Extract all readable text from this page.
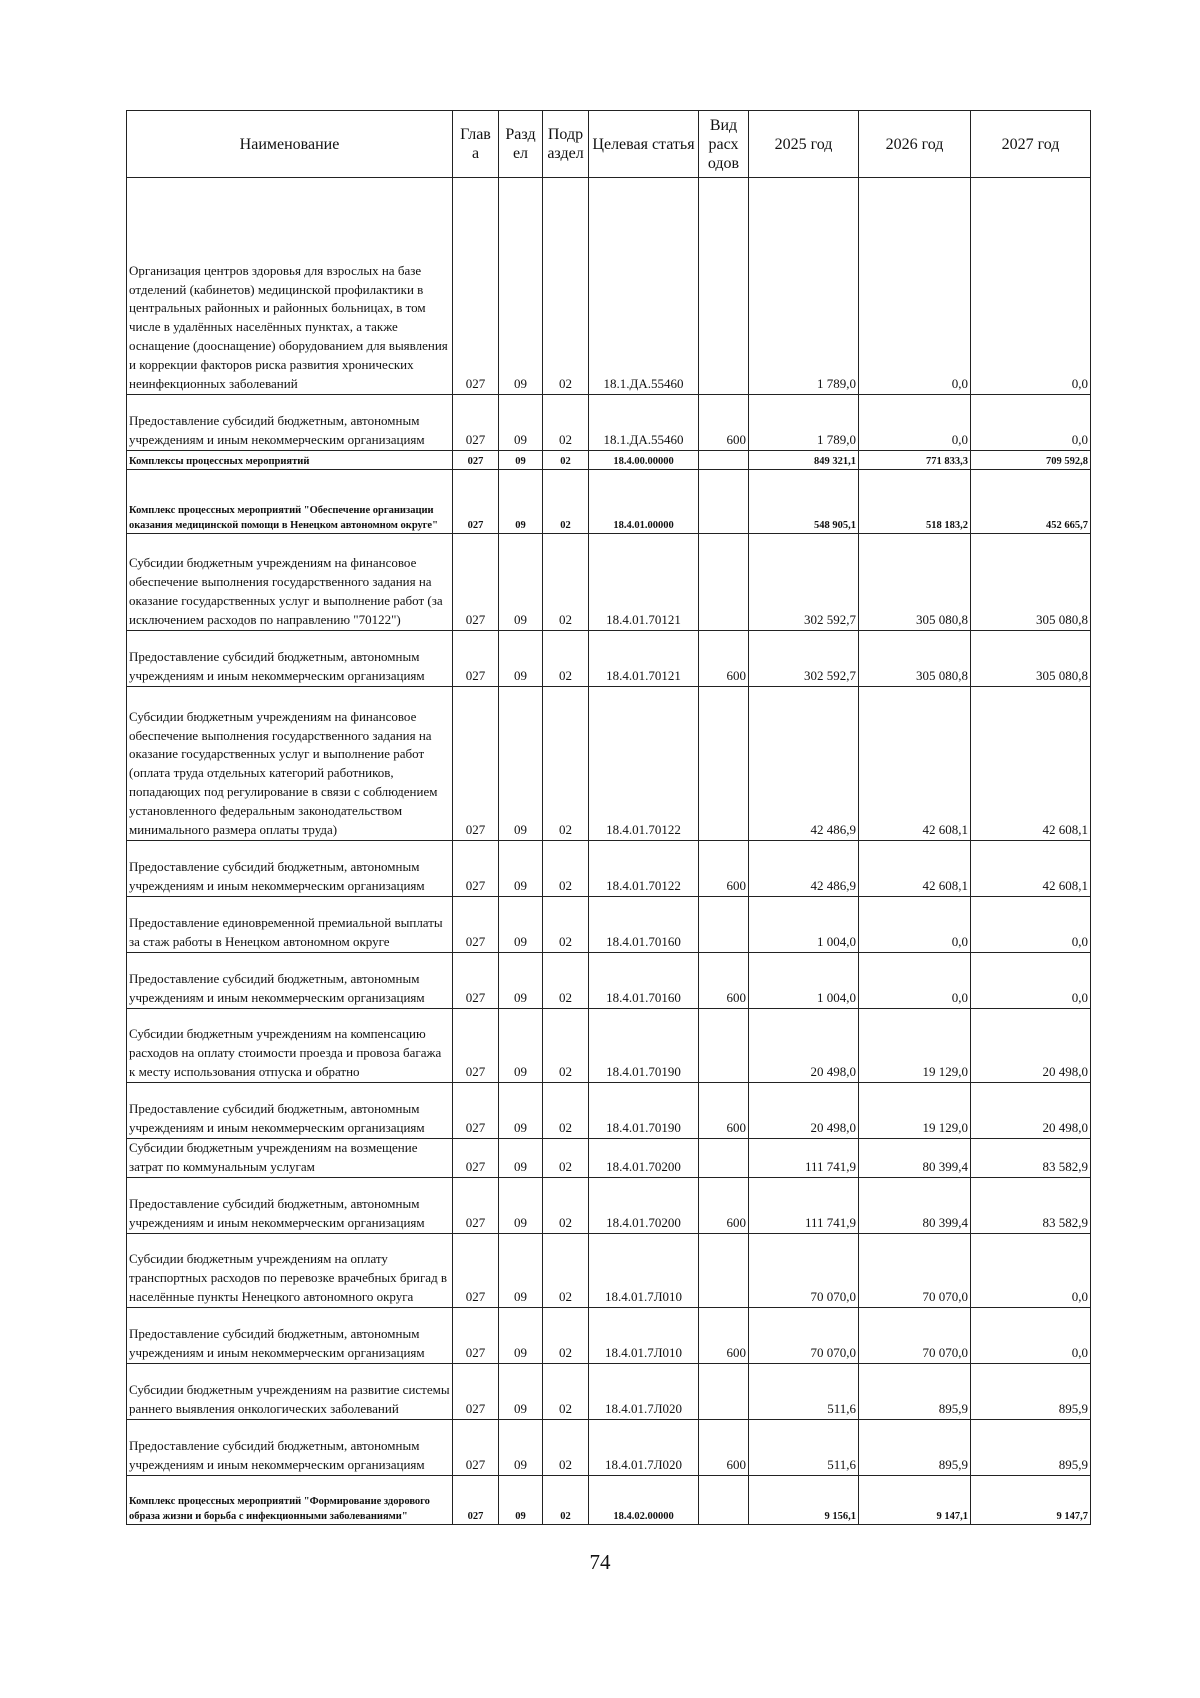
Наименование	Глав а	Разд ел	Подр аздел	Целевая статья	Вид расх одов	2025 год	2026 год	2027 год
Организация центров здоровья для взрослых на базе отделений (кабинетов) медицинской профилактики в центральных районных и районных больницах, в том числе в удалённых населённых пунктах, а также оснащение (дооснащение) оборудованием для выявления и коррекции факторов риска развития хронических неинфекционных заболеваний	027	09	02	18.1.ДА.55460		1 789,0	0,0	0,0
Предоставление субсидий бюджетным, автономным учреждениям и иным некоммерческим организациям	027	09	02	18.1.ДА.55460	600	1 789,0	0,0	0,0
Комплексы процессных мероприятий	027	09	02	18.4.00.00000		849 321,1	771 833,3	709 592,8
Комплекс процессных мероприятий "Обеспечение организации оказания медицинской помощи в Ненецком автономном округе"	027	09	02	18.4.01.00000		548 905,1	518 183,2	452 665,7
Субсидии бюджетным учреждениям на финансовое обеспечение выполнения государственного задания на оказание государственных услуг и выполнение работ (за исключением расходов по направлению "70122")	027	09	02	18.4.01.70121		302 592,7	305 080,8	305 080,8
Предоставление субсидий бюджетным, автономным учреждениям и иным некоммерческим организациям	027	09	02	18.4.01.70121	600	302 592,7	305 080,8	305 080,8
Субсидии бюджетным учреждениям на финансовое обеспечение выполнения государственного задания на оказание государственных услуг и выполнение работ (оплата труда отдельных категорий работников, попадающих под регулирование в связи с соблюдением установленного федеральным законодательством минимального размера оплаты труда)	027	09	02	18.4.01.70122		42 486,9	42 608,1	42 608,1
Предоставление субсидий бюджетным, автономным учреждениям и иным некоммерческим организациям	027	09	02	18.4.01.70122	600	42 486,9	42 608,1	42 608,1
Предоставление единовременной премиальной выплаты за стаж работы в Ненецком автономном округе	027	09	02	18.4.01.70160		1 004,0	0,0	0,0
Предоставление субсидий бюджетным, автономным учреждениям и иным некоммерческим организациям	027	09	02	18.4.01.70160	600	1 004,0	0,0	0,0
Субсидии бюджетным учреждениям на компенсацию расходов на оплату стоимости проезда и провоза багажа к месту использования отпуска и обратно	027	09	02	18.4.01.70190		20 498,0	19 129,0	20 498,0
Предоставление субсидий бюджетным, автономным учреждениям и иным некоммерческим организациям	027	09	02	18.4.01.70190	600	20 498,0	19 129,0	20 498,0
Субсидии бюджетным учреждениям на возмещение затрат по коммунальным услугам	027	09	02	18.4.01.70200		111 741,9	80 399,4	83 582,9
Предоставление субсидий бюджетным, автономным учреждениям и иным некоммерческим организациям	027	09	02	18.4.01.70200	600	111 741,9	80 399,4	83 582,9
Субсидии бюджетным учреждениям на оплату транспортных расходов по перевозке врачебных бригад в населённые пункты Ненецкого автономного округа	027	09	02	18.4.01.7Л010		70 070,0	70 070,0	0,0
Предоставление субсидий бюджетным, автономным учреждениям и иным некоммерческим организациям	027	09	02	18.4.01.7Л010	600	70 070,0	70 070,0	0,0
Субсидии бюджетным учреждениям на развитие системы раннего выявления онкологических заболеваний	027	09	02	18.4.01.7Л020		511,6	895,9	895,9
Предоставление субсидий бюджетным, автономным учреждениям и иным некоммерческим организациям	027	09	02	18.4.01.7Л020	600	511,6	895,9	895,9
Комплекс процессных мероприятий "Формирование здорового образа жизни и борьба с инфекционными заболеваниями"	027	09	02	18.4.02.00000		9 156,1	9 147,1	9 147,7
74
